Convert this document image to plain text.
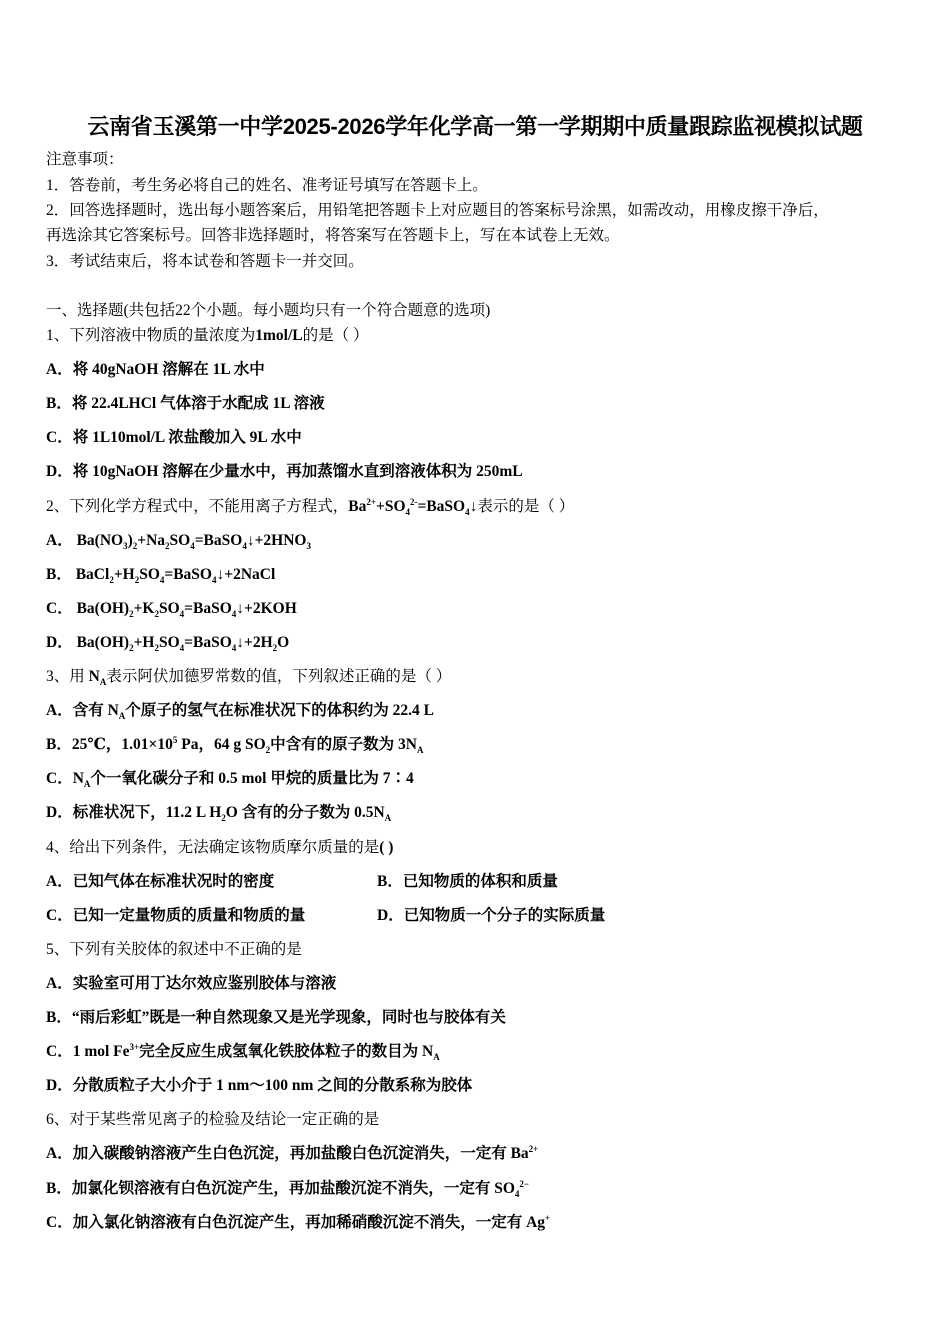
云南省玉溪第一中学2025-2026学年化学高一第一学期期中质量跟踪监视模拟试题
注意事项：
1．答卷前，考生务必将自己的姓名、准考证号填写在答题卡上。
2．回答选择题时，选出每小题答案后，用铅笔把答题卡上对应题目的答案标号涂黑，如需改动，用橡皮擦干净后，
再选涂其它答案标号。回答非选择题时，将答案写在答题卡上，写在本试卷上无效。
3．考试结束后，将本试卷和答题卡一并交回。
一、选择题(共包括22个小题。每小题均只有一个符合题意的选项)
1、下列溶液中物质的量浓度为1mol/L的是（ ）
A．将 40gNaOH 溶解在 1L 水中
B．将 22.4LHCl 气体溶于水配成 1L 溶液
C．将 1L10mol/L 浓盐酸加入 9L 水中
D．将 10gNaOH 溶解在少量水中，再加蒸馏水直到溶液体积为 250mL
2、下列化学方程式中，不能用离子方程式，$Ba^{2+}+SO_4^{2-}=BaSO_4↓$表示的是（ ）
A． $Ba(NO_3)_2+Na_2SO_4=BaSO_4↓+2HNO_3$
B． $BaCl_2+H_2SO_4=BaSO_4↓+2NaCl$
C． $Ba(OH)_2+K_2SO_4=BaSO_4↓+2KOH$
D． $Ba(OH)_2+H_2SO_4=BaSO_4↓+2H_2O$
3、用 $N_A$表示阿伏加德罗常数的值，下列叙述正确的是（ ）
A．含有 $N_A$个原子的氢气在标准状况下的体积约为 22.4 L
B．25℃，$1.01\times 10^5$ Pa，64 g $SO_2$中含有的原子数为 $3N_A$
C．$N_A$个一氧化碳分子和 0.5 mol 甲烷的质量比为 7∶4
D．标准状况下，11.2 L $H_2O$ 含有的分子数为 $0.5N_A$
4、给出下列条件，无法确定该物质摩尔质量的是( )
A．已知气体在标准状况时的密度	B．已知物质的体积和质量
C．已知一定量物质的质量和物质的量	D．已知物质一个分子的实际质量
5、下列有关胶体的叙述中不正确的是
A．实验室可用丁达尔效应鉴别胶体与溶液
B．“雨后彩虹”既是一种自然现象又是光学现象，同时也与胶体有关
C．1 mol $Fe^{3+}$完全反应生成氢氧化铁胶体粒子的数目为 $N_A$
D．分散质粒子大小介于 1 nm～100 nm 之间的分散系称为胶体
6、对于某些常见离子的检验及结论一定正确的是
A．加入碳酸钠溶液产生白色沉淀，再加盐酸白色沉淀消失，一定有 $Ba^{2+}$
B．加氯化钡溶液有白色沉淀产生，再加盐酸沉淀不消失，一定有 $SO_4^{2-}$
C．加入氯化钠溶液有白色沉淀产生，再加稀硝酸沉淀不消失，一定有 Ag+
